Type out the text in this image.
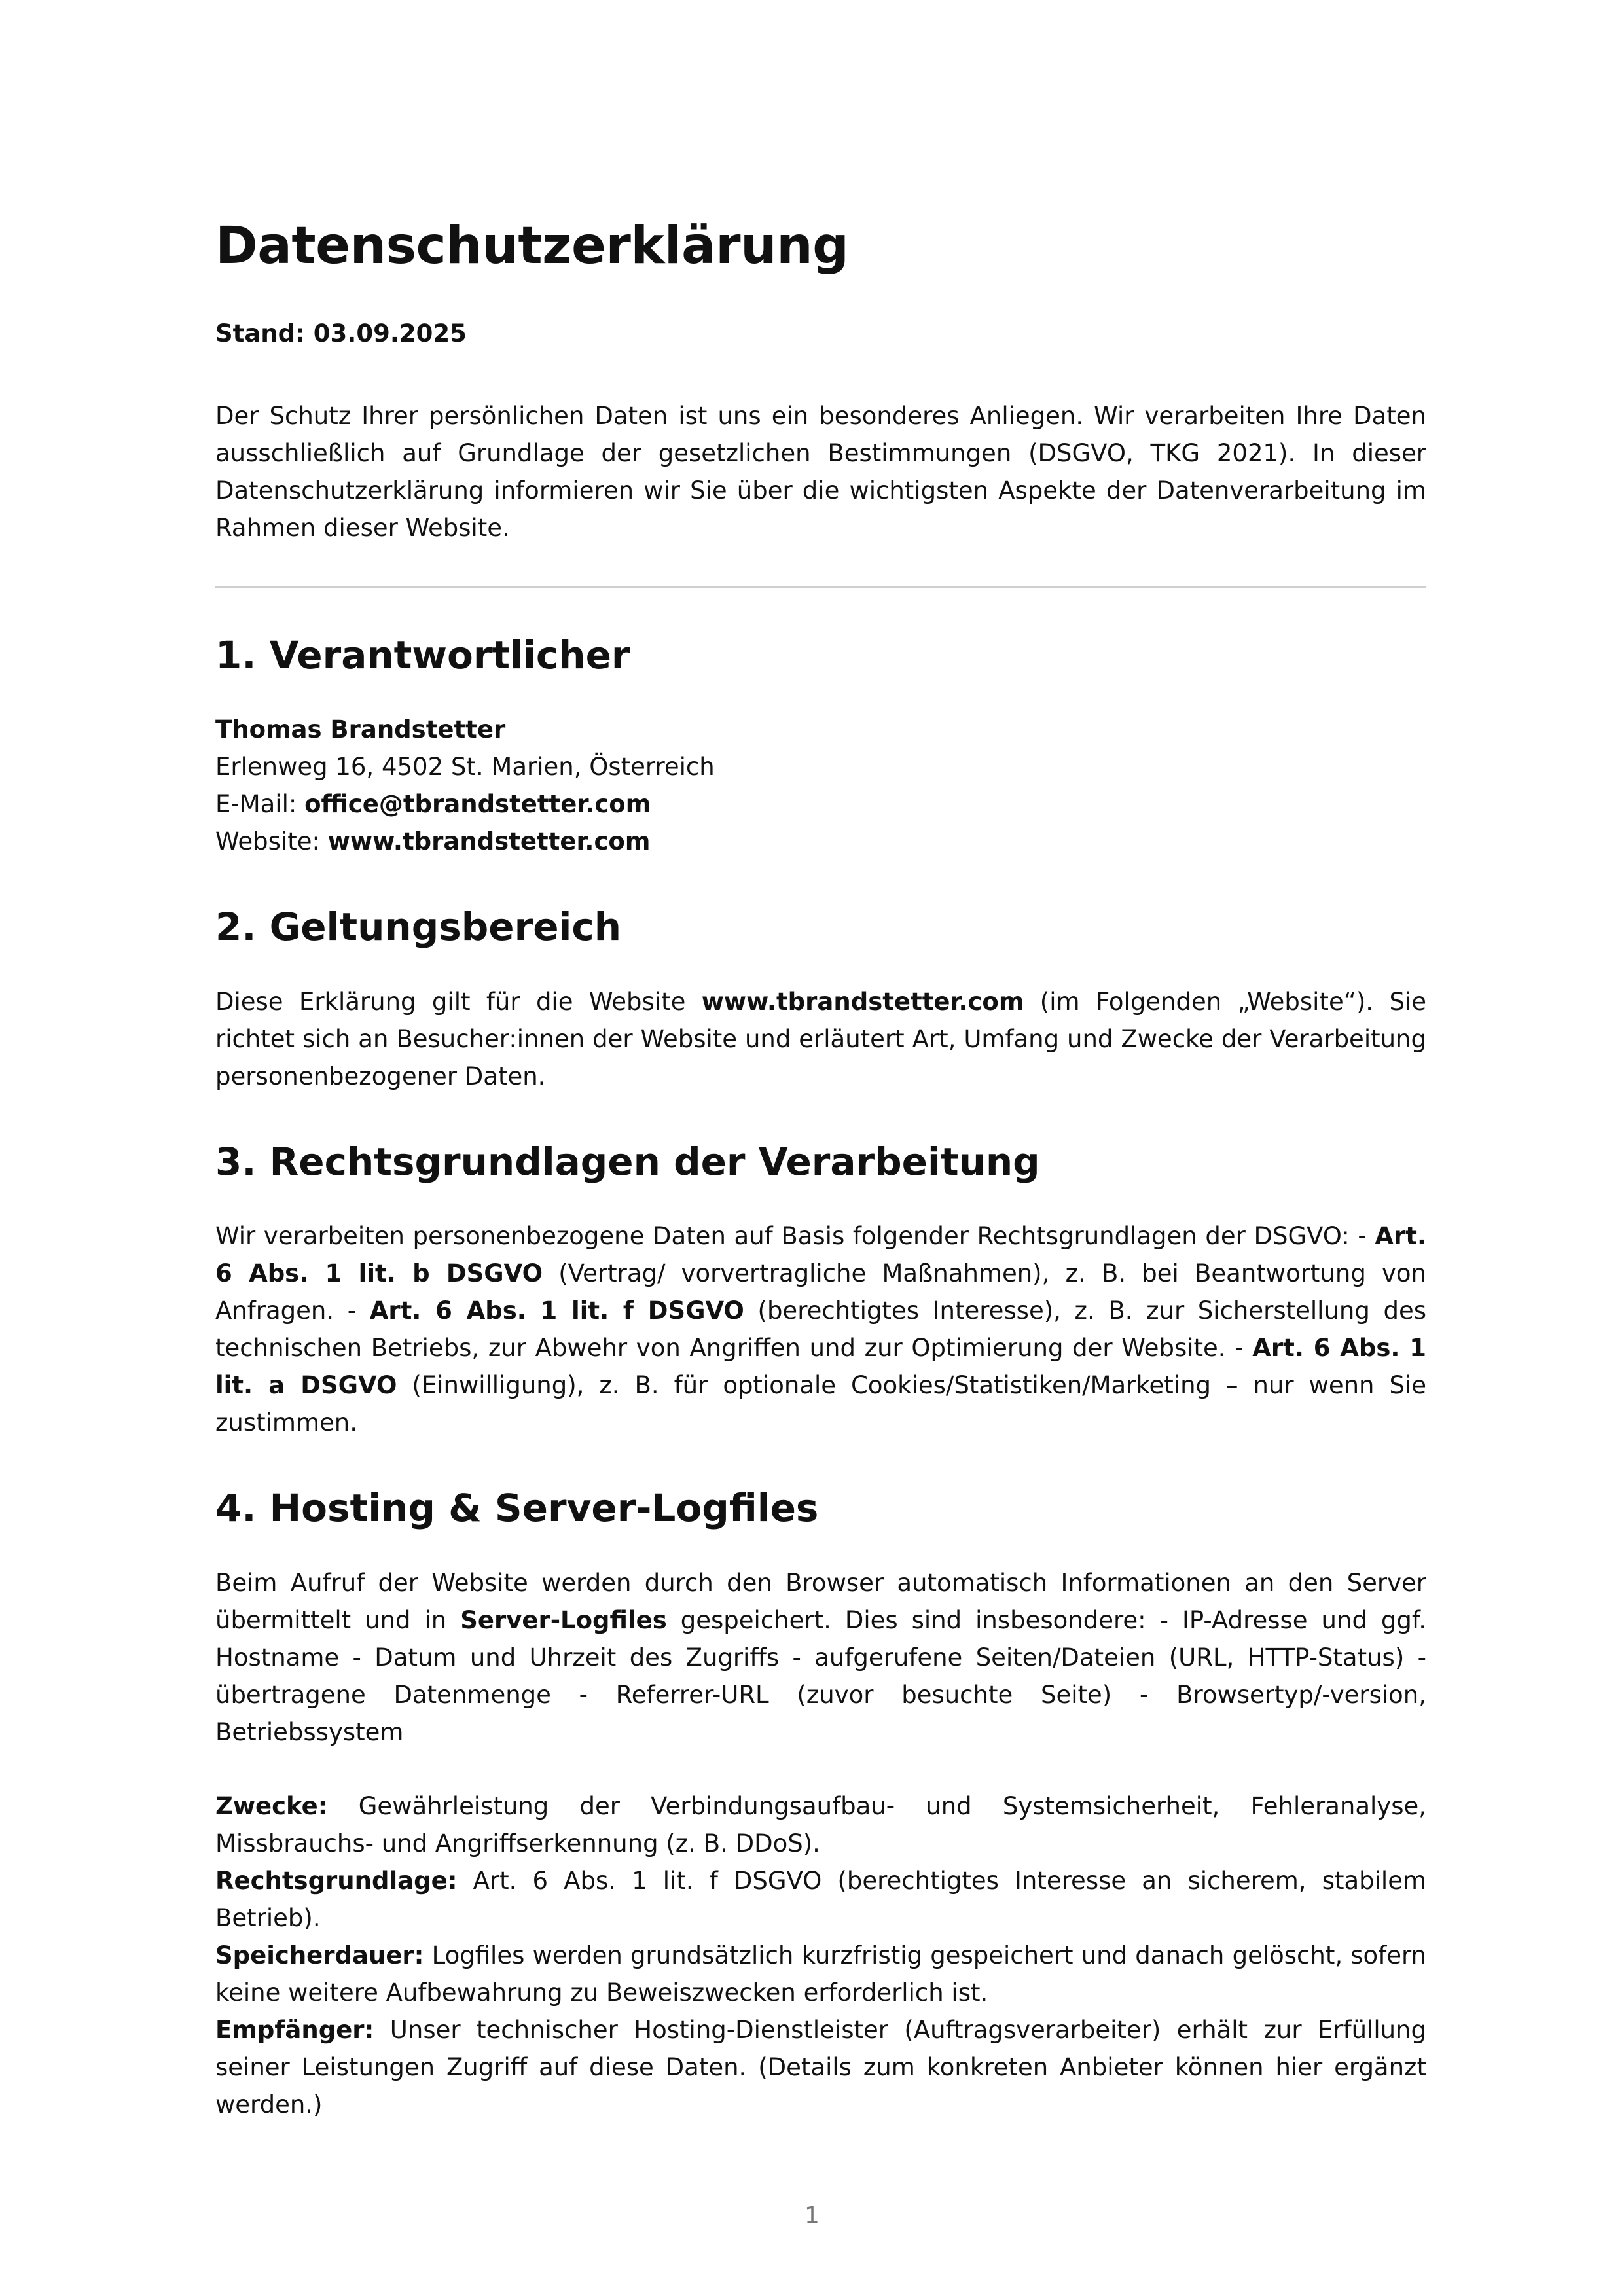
Datenschutzerklärung
Stand: 03.09.2025

Der Schutz Ihrer persönlichen Daten ist uns ein besonderes Anliegen. Wir verarbeiten Ihre Daten ausschließlich auf Grundlage der gesetzlichen Bestimmungen (DSGVO, TKG 2021). In dieser Datenschutzerklärung informieren wir Sie über die wichtigsten Aspekte der Datenverarbeitung im Rahmen dieser Website.

1. Verantwortlicher

Thomas Brandstetter

Erlenweg 16, 4502 St. Marien, Österreich

E-Mail: office@tbrandstetter.com

Website: www.tbrandstetter.com

2. Geltungsbereich

Diese Erklärung gilt für die Website www.tbrandstetter.com (im Folgenden „Website“). Sie richtet sich an Besucher:innen der Website und erläutert Art, Umfang und Zwecke der Verarbeitung personenbezogener Daten.

3. Rechtsgrundlagen der Verarbeitung

Wir verarbeiten personenbezogene Daten auf Basis folgender Rechtsgrundlagen der DSGVO: - Art. 6 Abs. 1 lit. b DSGVO (Vertrag/ vorvertragliche Maßnahmen), z. B. bei Beantwortung von Anfragen. - Art. 6 Abs. 1 lit. f DSGVO (berechtigtes Interesse), z. B. zur Sicherstellung des technischen Betriebs, zur Abwehr von Angriffen und zur Optimierung der Website. - Art. 6 Abs. 1 lit. a DSGVO (Einwilligung), z. B. für optionale Cookies/Statistiken/Marketing – nur wenn Sie zustimmen.

4. Hosting & Server-Logfiles

Beim Aufruf der Website werden durch den Browser automatisch Informationen an den Server übermittelt und in Server-Logfiles gespeichert. Dies sind insbesondere: - IP-Adresse und ggf. Hostname - Datum und Uhrzeit des Zugriffs - aufgerufene Seiten/Dateien (URL, HTTP-Status) - übertragene Datenmenge - Referrer-URL (zuvor besuchte Seite) - Browsertyp/-version, Betriebssystem

Zwecke: Gewährleistung der Verbindungsaufbau- und Systemsicherheit, Fehleranalyse, Missbrauchs- und Angriffserkennung (z. B. DDoS).

Rechtsgrundlage: Art. 6 Abs. 1 lit. f DSGVO (berechtigtes Interesse an sicherem, stabilem Betrieb).

Speicherdauer: Logfiles werden grundsätzlich kurzfristig gespeichert und danach gelöscht, sofern keine weitere Aufbewahrung zu Beweiszwecken erforderlich ist.

Empfänger: Unser technischer Hosting-Dienstleister (Auftragsverarbeiter) erhält zur Erfüllung seiner Leistungen Zugriff auf diese Daten. (Details zum konkreten Anbieter können hier ergänzt werden.)

1
